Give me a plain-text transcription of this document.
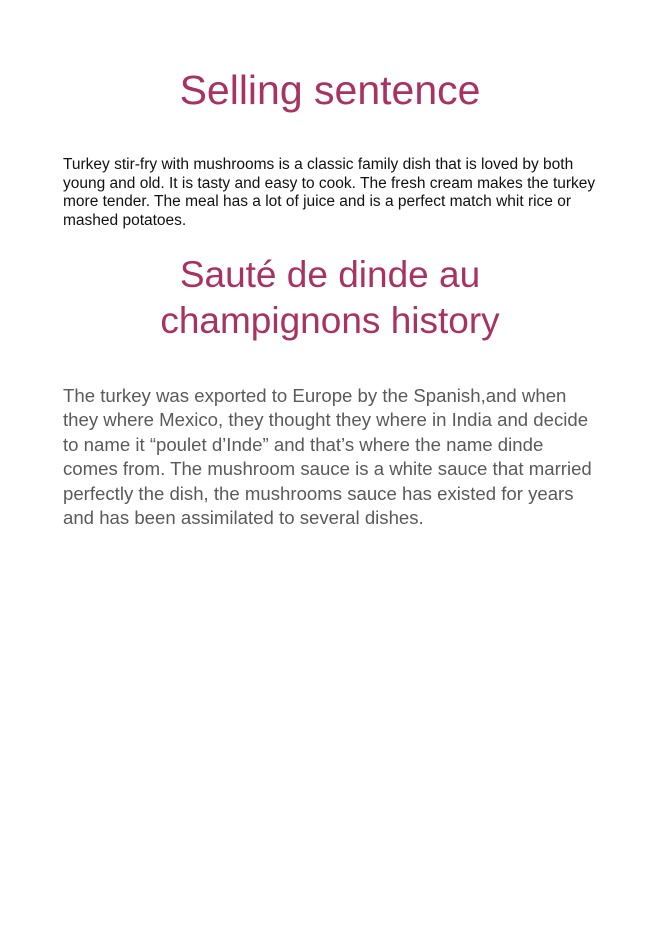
Selling sentence

Turkey stir-fry with mushrooms is a classic family dish that is loved by both young and old. It is tasty and easy to cook. The fresh cream makes the turkey more tender. The meal has a lot of juice and is a perfect match whit rice or mashed potatoes.

Sauté de dinde au
champignons history

The turkey was exported to Europe by the Spanish,and when they where Mexico, they thought they where in India and decide to name it “poulet d’Inde” and that’s where the name dinde comes from. The mushroom sauce is a white sauce that married perfectly the dish, the mushrooms sauce has existed for years and has been assimilated to several dishes.
